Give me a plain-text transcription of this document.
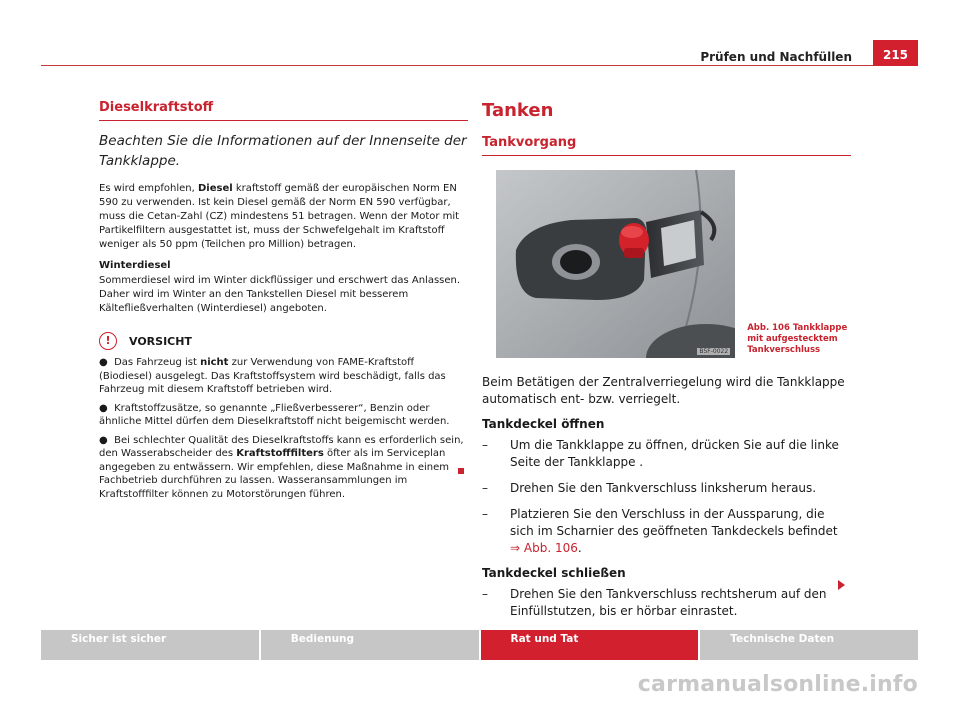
Prüfen und Nachfüllen	215
Dieselkraftstoff
Beachten Sie die Informationen auf der Innenseite der Tankklappe.

Es wird empfohlen, Diesel kraftstoff gemäß der europäischen Norm EN 590 zu verwenden. Ist kein Diesel gemäß der Norm EN 590 verfügbar, muss die Cetan-Zahl (CZ) mindestens 51 betragen. Wenn der Motor mit Partikelfiltern ausgestattet ist, muss der Schwefelgehalt im Kraftstoff weniger als 50 ppm (Teilchen pro Million) betragen.

Winterdiesel

Sommerdiesel wird im Winter dickflüssiger und erschwert das Anlassen. Daher wird im Winter an den Tankstellen Diesel mit besserem Kältefließverhalten (Winterdiesel) angeboten.

!	VORSICHT

● Das Fahrzeug ist nicht zur Verwendung von FAME-Kraftstoff (Biodiesel) ausgelegt. Das Kraftstoffsystem wird beschädigt, falls das Fahrzeug mit diesem Kraftstoff betrieben wird.

● Kraftstoffzusätze, so genannte „Fließverbesserer“, Benzin oder ähnliche Mittel dürfen dem Dieselkraftstoff nicht beigemischt werden.

● Bei schlechter Qualität des Dieselkraftstoffs kann es erforderlich sein, den Wasserabscheider des Kraftstofffilters öfter als im Serviceplan angegeben zu entwässern. Wir empfehlen, diese Maßnahme in einem Fachbetrieb durchführen zu lassen. Wasseransammlungen im Kraftstofffilter können zu Motorstörungen führen.

Tanken
Tankvorgang
B5F-0022
Abb. 106 Tankklappe mit aufgestecktem Tankverschluss

Beim Betätigen der Zentralverriegelung wird die Tankklappe automatisch ent- bzw. verriegelt.

Tankdeckel öffnen
–	Um die Tankklappe zu öffnen, drücken Sie auf die linke Seite der Tankklappe .
–	Drehen Sie den Tankverschluss linksherum heraus.
–	Platzieren Sie den Verschluss in der Aussparung, die sich im Scharnier des geöffneten Tankdeckels befindet ⇒ Abb. 106.
Tankdeckel schließen
–	Drehen Sie den Tankverschluss rechtsherum auf den Einfüllstutzen, bis er hörbar einrastet.
Sicher ist sicher	Bedienung	Rat und Tat	Technische Daten
carmanualsonline.info
